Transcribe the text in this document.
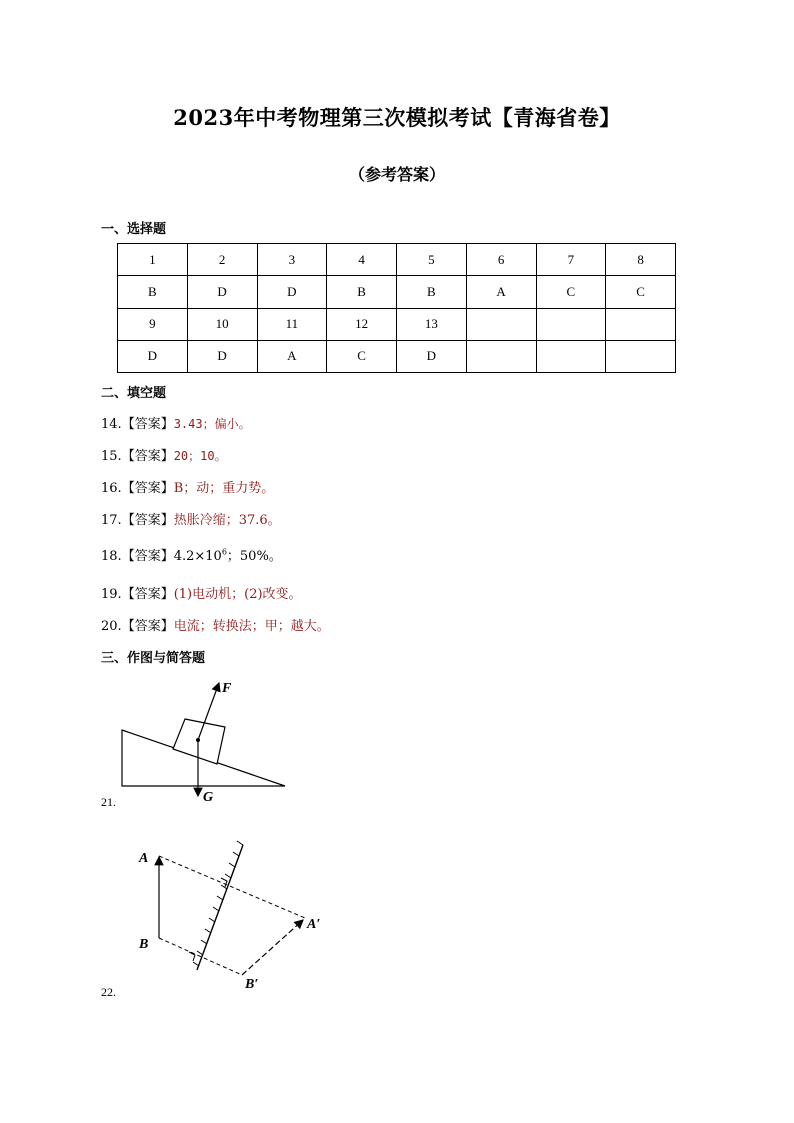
2023年中考物理第三次模拟考试【青海省卷】
（参考答案）
一、选择题
1	2	3	4	5	6	7	8
B	D	D	B	B	A	C	C
9	10	11	12	13			
D	D	A	C	D			
二、填空题
14.【答案】3.43；偏小。
15.【答案】20；10。
16.【答案】B；动；重力势。
17.【答案】热胀冷缩；37.6。
18.【答案】$4.2\times 10^6$；50%。
19.【答案】(1)电动机；(2)改变。
20.【答案】电流；转换法；甲；越大。
三、作图与简答题
F
G
21.
A
B
A′
B′
22.
